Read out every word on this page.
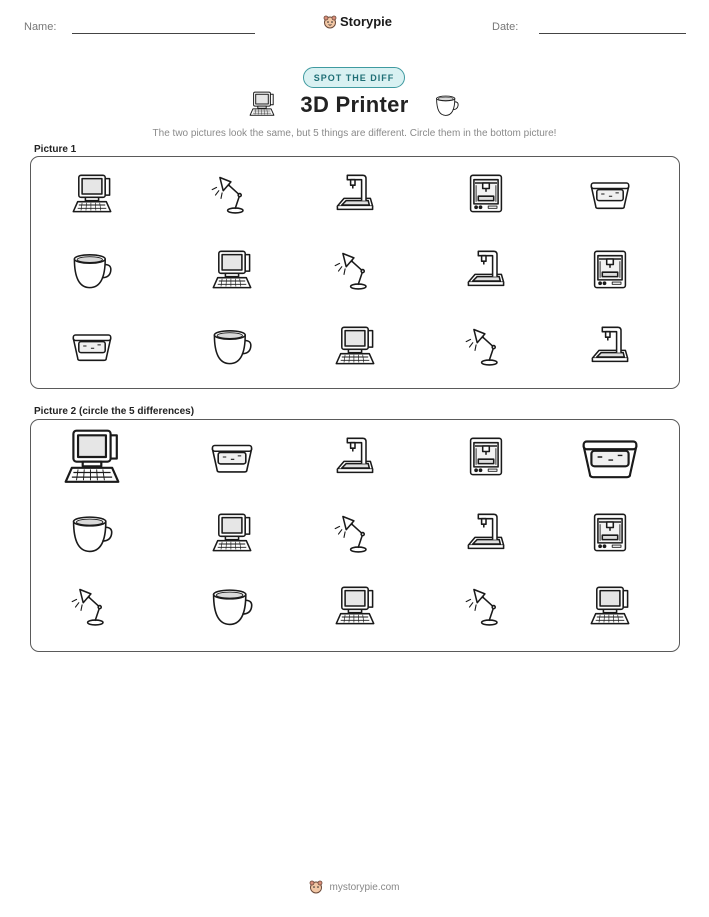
Name:	Storypie	Date:
SPOT THE DIFF
3D Printer
The two pictures look the same, but 5 things are different. Circle them in the bottom picture!
Picture 1
Picture 2 (circle the 5 differences)
mystorypie.com
